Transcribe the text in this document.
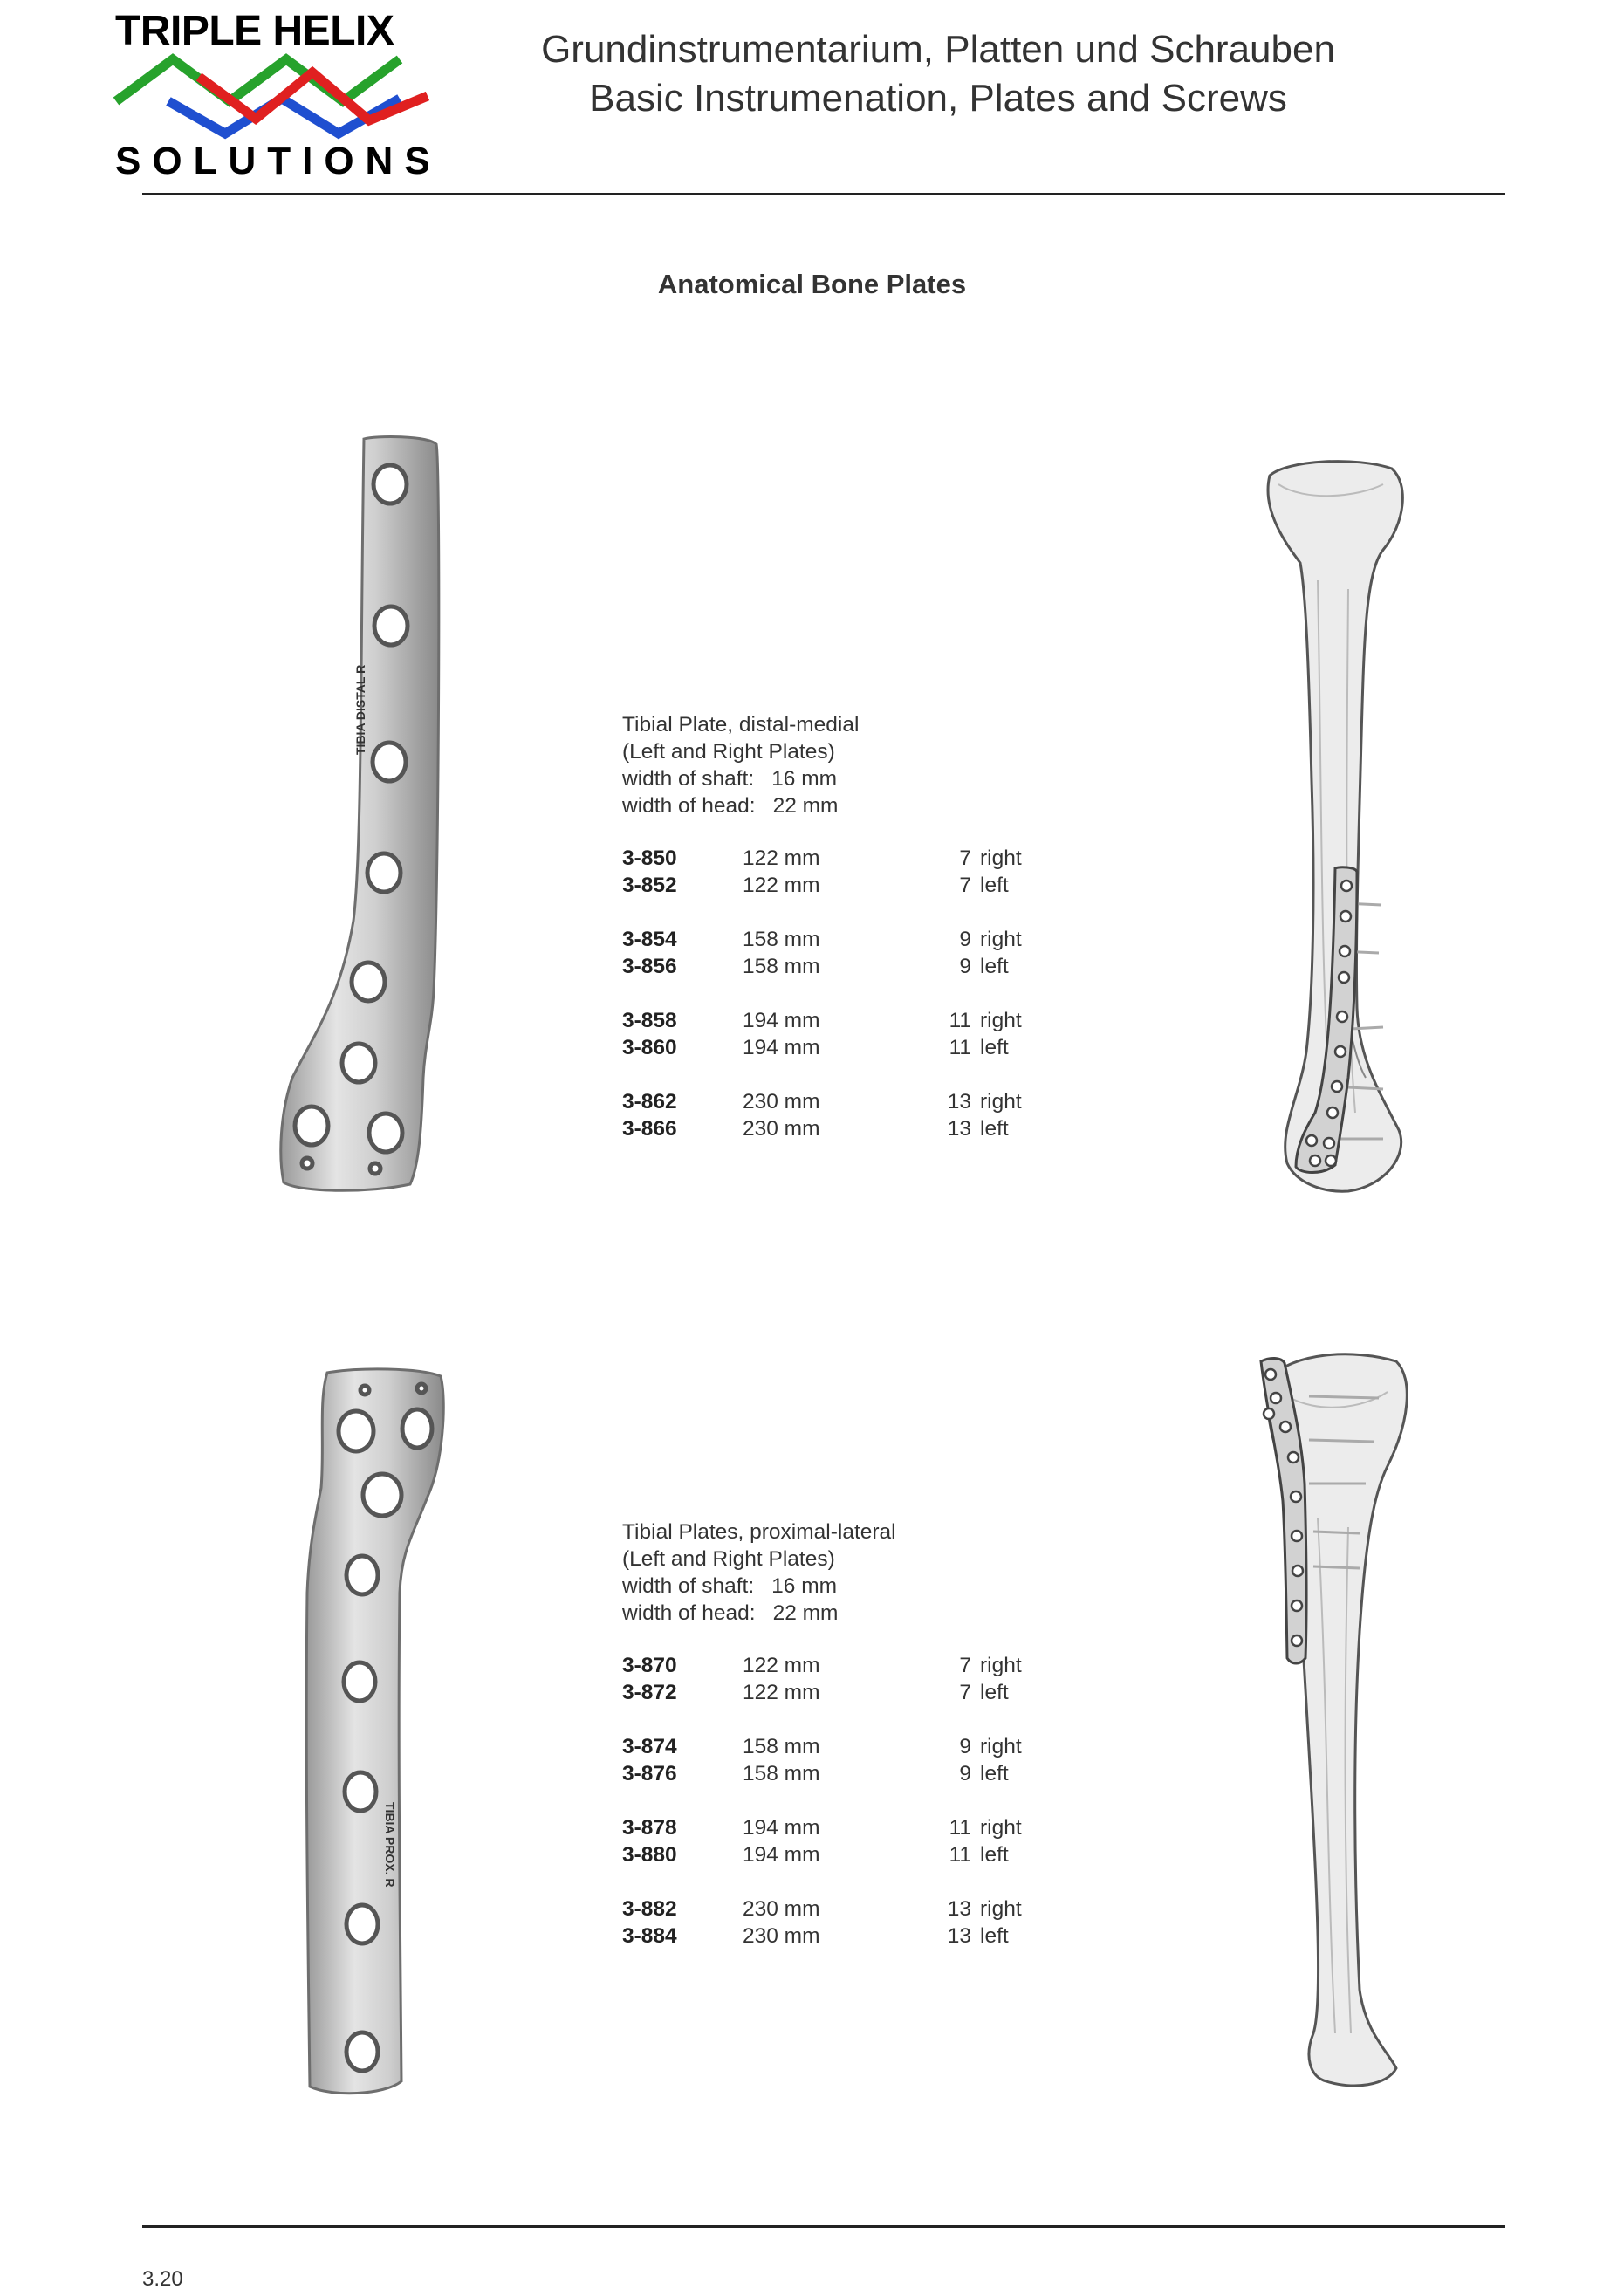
TRIPLE HELIX
SOLUTIONS
Grundinstrumentarium, Platten und Schrauben
Basic Instrumenation, Plates and Screws
Anatomical Bone Plates
TIBIA DISTAL R	Tibial Plate, distal-medial
(Left and Right Plates)
width of shaft: 16 mm
width of head: 22 mm
3-850	122 mm	7 right
3-852	122 mm	7 left
3-854	158 mm	9 right
3-856	158 mm	9 left
3-858	194 mm	11 right
3-860	194 mm	11 left
3-862	230 mm	13 right
3-866	230 mm	13 left
TIBIA PROX. R
Tibial Plates, proximal-lateral
(Left and Right Plates)
width of shaft: 16 mm
width of head: 22 mm
3-870	122 mm	7 right
3-872	122 mm	7 left
3-874	158 mm	9 right
3-876	158 mm	9 left
3-878	194 mm	11 right
3-880	194 mm	11 left
3-882	230 mm	13 right
3-884	230 mm	13 left
3.20
